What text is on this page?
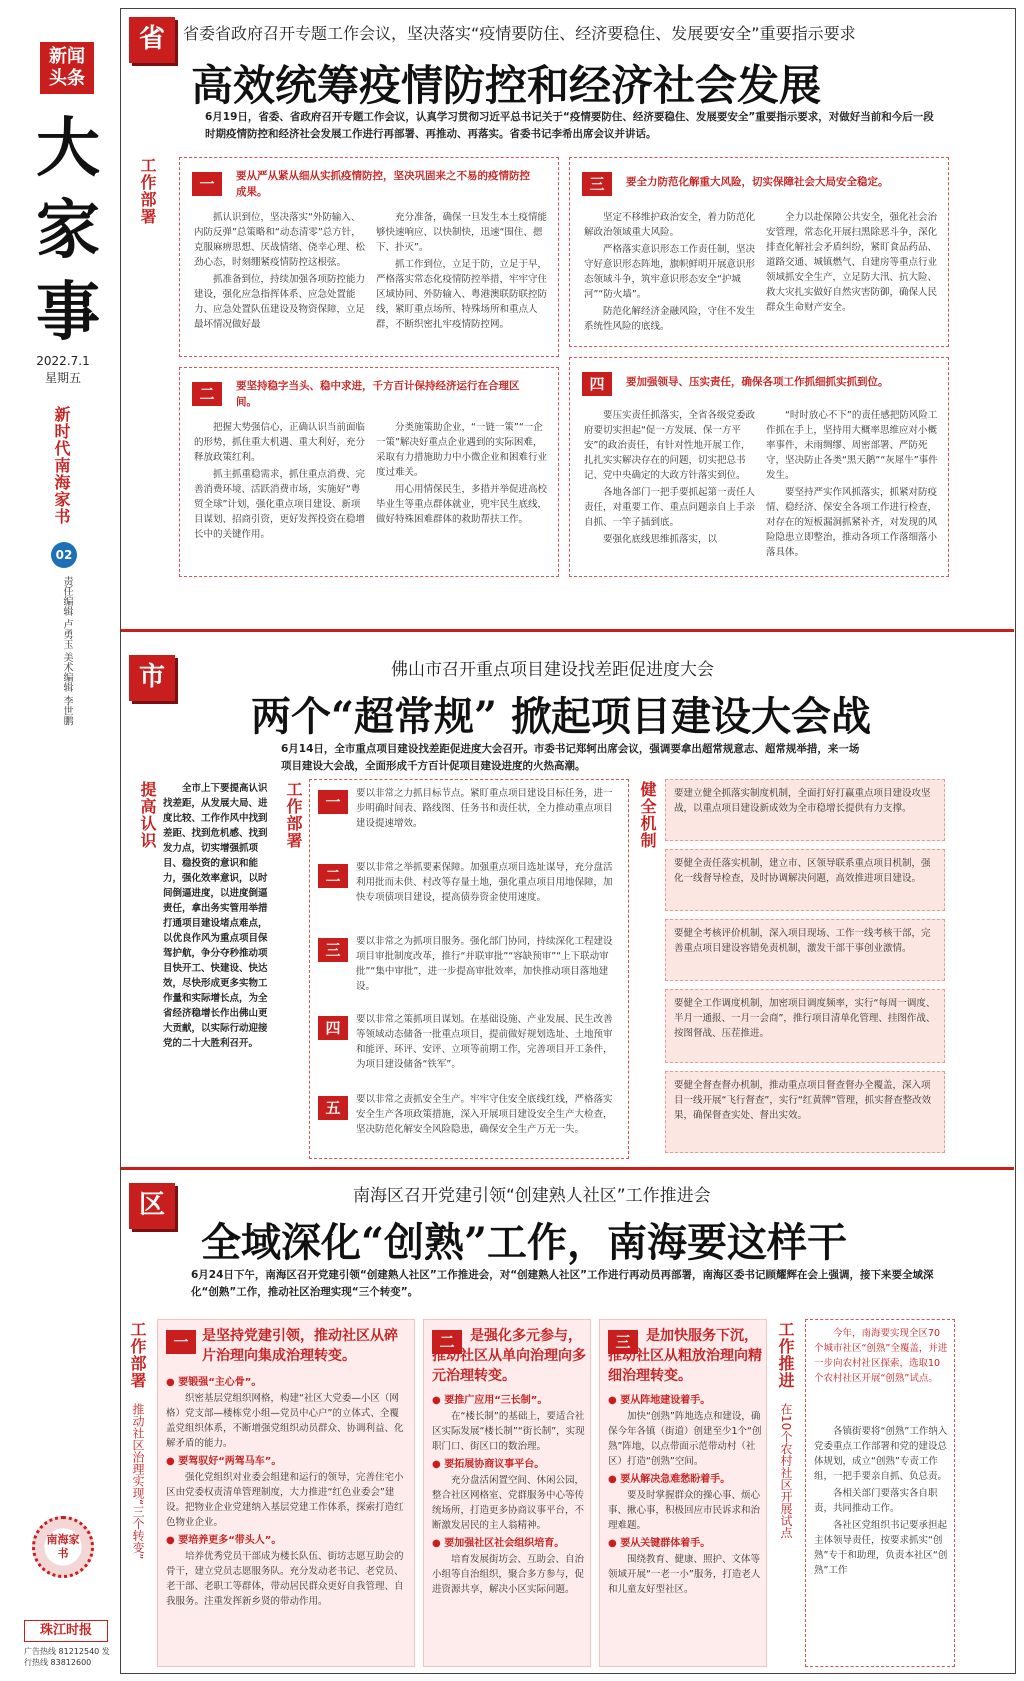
新闻头条
大家事
2022.7.1
星期五
新时代南海家书
02
责任编辑 卢勇玉 美术编辑 李世鹏
南海家书
珠江时报
广告热线 81212540 发行热线 83812600
省	省委省政府召开专题工作会议，坚决落实“疫情要防住、经济要稳住、发展要安全”重要指示要求
高效统筹疫情防控和经济社会发展
6月19日，省委、省政府召开专题工作会议，认真学习贯彻习近平总书记关于“疫情要防住、经济要稳住、发展要安全”重要指示要求，对做好当前和今后一段时期疫情防控和经济社会发展工作进行再部署、再推动、再落实。省委书记李希出席会议并讲话。
工作部署	一	要从严从紧从细从实抓疫情防控，坚决巩固来之不易的疫情防控成果。

抓认识到位，坚决落实“外防输入、内防反弹”总策略和“动态清零”总方针，克服麻痹思想、厌战情绪、侥幸心理、松劲心态，时刻绷紧疫情防控这根弦。

抓准备到位，持续加强各项防控能力建设，强化应急指挥体系、应急处置能力、应急处置队伍建设及物资保障，立足最坏情况做好最

充分准备，确保一旦发生本土疫情能够快速响应、以快制快，迅速“围住、摁下、扑灭”。

抓工作到位，立足于防，立足于早，严格落实常态化疫情防控举措，牢牢守住区域协同、外防输入、粤港澳联防联控防线，紧盯重点场所、特殊场所和重点人群，不断织密扎牢疫情防控网。

二	要坚持稳字当头、稳中求进，千方百计保持经济运行在合理区间。

把握大势强信心，正确认识当前面临的形势，抓住重大机遇、重大利好，充分释放政策红利。

抓主抓重稳需求，抓住重点消费、完善消费环境、活跃消费市场，实施好“粤贸全球”计划，强化重点项目建设、新项目谋划、招商引资，更好发挥投资在稳增长中的关键作用。

分类施策助企业，“一链一策”“一企一策”解决好重点企业遇到的实际困难，采取有力措施助力中小微企业和困难行业度过难关。

用心用情保民生，多措并举促进高校毕业生等重点群体就业，兜牢民生底线，做好特殊困难群体的救助帮扶工作。

三	要全力防范化解重大风险，切实保障社会大局安全稳定。

坚定不移维护政治安全，着力防范化解政治领域重大风险。

严格落实意识形态工作责任制，坚决守好意识形态阵地，旗帜鲜明开展意识形态领域斗争，筑牢意识形态安全“护城河”“防火墙”。

防范化解经济金融风险，守住不发生系统性风险的底线。

全力以赴保障公共安全，强化社会治安管理，常态化开展扫黑除恶斗争，深化排查化解社会矛盾纠纷，紧盯食品药品、道路交通、城镇燃气、自建房等重点行业领域抓安全生产，立足防大汛、抗大险、救大灾扎实做好自然灾害防御，确保人民群众生命财产安全。

四	要加强领导、压实责任，确保各项工作抓细抓实抓到位。

要压实责任抓落实，全省各级党委政府要切实担起“促一方发展、保一方平安”的政治责任，有针对性地开展工作，扎扎实实解决存在的问题，切实把总书记、党中央确定的大政方针落实到位。

各地各部门一把手要抓起第一责任人责任，对重要工作、重点问题亲自上手亲自抓、一竿子插到底。

要强化底线思维抓落实，以

“时时放心不下”的责任感把防风险工作抓在手上，坚持用大概率思维应对小概率事件，未雨绸缪、周密部署、严防死守，坚决防止各类“黑天鹅”“灰犀牛”事件发生。

要坚持严实作风抓落实，抓紧对防疫情、稳经济、保安全各项工作进行检查，对存在的短板漏洞抓紧补齐，对发现的风险隐患立即整治，推动各项工作落细落小落具体。

市	佛山市召开重点项目建设找差距促进度大会
两个“超常规” 掀起项目建设大会战
6月14日，全市重点项目建设找差距促进度大会召开。市委书记郑轲出席会议，强调要拿出超常规意志、超常规举措，来一场项目建设大会战，全面形成千方百计促项目建设进度的火热高潮。
提高认识	全市上下要提高认识找差距，从发展大局、进度比较、工作作风中找到差距、找到危机感、找到发力点，切实增强抓项目、稳投资的意识和能力，强化效率意识，以时间倒逼进度，以进度倒逼责任，拿出务实管用举措打通项目建设堵点难点，以优良作风为重点项目保驾护航，争分夺秒推动项目快开工、快建设、快达效，尽快形成更多实物工作量和实际增长点，为全省经济稳增长作出佛山更大贡献，以实际行动迎接党的二十大胜利召开。
工作部署	一	要以非常之力抓目标节点。紧盯重点项目建设目标任务，进一步明确时间表、路线图、任务书和责任状，全力推动重点项目建设提速增效。
二	要以非常之举抓要素保障。加强重点项目选址谋导，充分盘活利用批而未供、村改等存量土地，强化重点项目用地保障，加快专项债项目建设，提高债券资金使用速度。
三	要以非常之为抓项目服务。强化部门协同，持续深化工程建设项目审批制度改革，推行“并联审批”“容缺预审”“上下联动审批”“集中审批”，进一步提高审批效率，加快推动项目落地建设。
四	要以非常之策抓项目谋划。在基础设施、产业发展、民生改善等领域动态储备一批重点项目，提前做好规划选址、土地预审和能评、环评、安评、立项等前期工作，完善项目开工条件，为项目建设储备“铁军”。
五	要以非常之责抓安全生产。牢牢守住安全底线红线，严格落实安全生产各项政策措施，深入开展项目建设安全生产大检查，坚决防范化解安全风险隐患，确保安全生产万无一失。
健全机制	要建立健全抓落实制度机制，全面打好打赢重点项目建设攻坚战，以重点项目建设新成效为全市稳增长提供有力支撑。
要健全责任落实机制，建立市、区领导联系重点项目机制，强化一线督导检查，及时协调解决问题，高效推进项目建设。
要健全考核评价机制，深入项目现场、工作一线考核干部，完善重点项目建设容错免责机制，激发干部干事创业激情。
要健全工作调度机制，加密项目调度频率，实行“每周一调度、半月一通报、一月一会商”，推行项目清单化管理、挂图作战、按图督战、压茬推进。
要健全督查督办机制，推动重点项目督查督办全覆盖，深入项目一线开展“飞行督查”，实行“红黄牌”管理，抓实督查整改效果，确保督查实处、督出实效。
区	南海区召开党建引领“创建熟人社区”工作推进会
全域深化“创熟”工作，南海要这样干
6月24日下午，南海区召开党建引领“创建熟人社区”工作推进会，对“创建熟人社区”工作进行再动员再部署，南海区委书记顾耀辉在会上强调，接下来要全域深化“创熟”工作，推动社区治理实现“三个转变”。
工作部署
推动社区治理实现“三个转变”
一 是坚持党建引领，推动社区从碎片治理向集成治理转变。
● 要锻强“主心骨”。
织密基层党组织网格，构建“社区大党委—小区（网格）党支部—楼栋党小组—党员中心户”的立体式、全覆盖党组织体系，不断增强党组织动员群众、协调利益、化解矛盾的能力。
● 要驾驭好“两驾马车”。
强化党组织对业委会组建和运行的领导，完善住宅小区由党委权责清单管理制度，大力推进“红色业委会”建设。把物业企业党建纳入基层党建工作体系，探索打造红色物业企业。
● 要培养更多“带头人”。
培养优秀党员干部成为楼长队伍、街坊志愿互助会的骨干，建立党员志愿服务队。充分发动老书记、老党员、老干部、老职工等群体，带动居民群众更好自我管理、自我服务。注重发挥新乡贤的带动作用。
二	是强化多元参与，推动社区从单向治理向多元治理转变。
● 要推广应用“三长制”。
在“楼长制”的基础上，要适合社区实际发展“楼长制”“街长制”，实现职门口、街区口的数治理。
● 要拓展协商议事平台。
充分盘活闲置空间、休闲公园，整合社区网格室、党群服务中心等传统场所，打造更多协商议事平台，不断激发居民的主人翁精神。
● 要加强社区社会组织培育。
培育发展街坊会、互助会、自治小组等自治组织，聚合多方参与，促进资源共享，解决小区实际问题。
三	是加快服务下沉，推动社区从粗放治理向精细治理转变。
● 要从阵地建设着手。
加快“创熟”阵地选点和建设，确保今年各镇（街道）创建至少1个“创熟”阵地，以点带面示范带动村（社区）打造“创熟”空间。
● 要从解决急难愁盼着手。
要及时掌握群众的操心事、烦心事、揪心事，积极回应市民诉求和治理难题。
● 要从关键群体着手。
围绕教育、健康、照护、文体等领域开展“一老一小”服务，打造老人和儿童友好型社区。
工作推进
在10个农村社区开展试点
今年，南海要实现全区70个城市社区“创熟”全覆盖，并进一步向农村社区探索，选取10个农村社区开展“创熟”试点。

各镇街要将“创熟”工作纳入党委重点工作部署和党的建设总体规划，成立“创熟”专责工作组，一把手要亲自抓、负总责。

各相关部门要落实各自职责，共同推动工作。

各社区党组织书记要承担起主体领导责任，按要求抓实“创熟”专干和助理，负责本社区“创熟”工作
